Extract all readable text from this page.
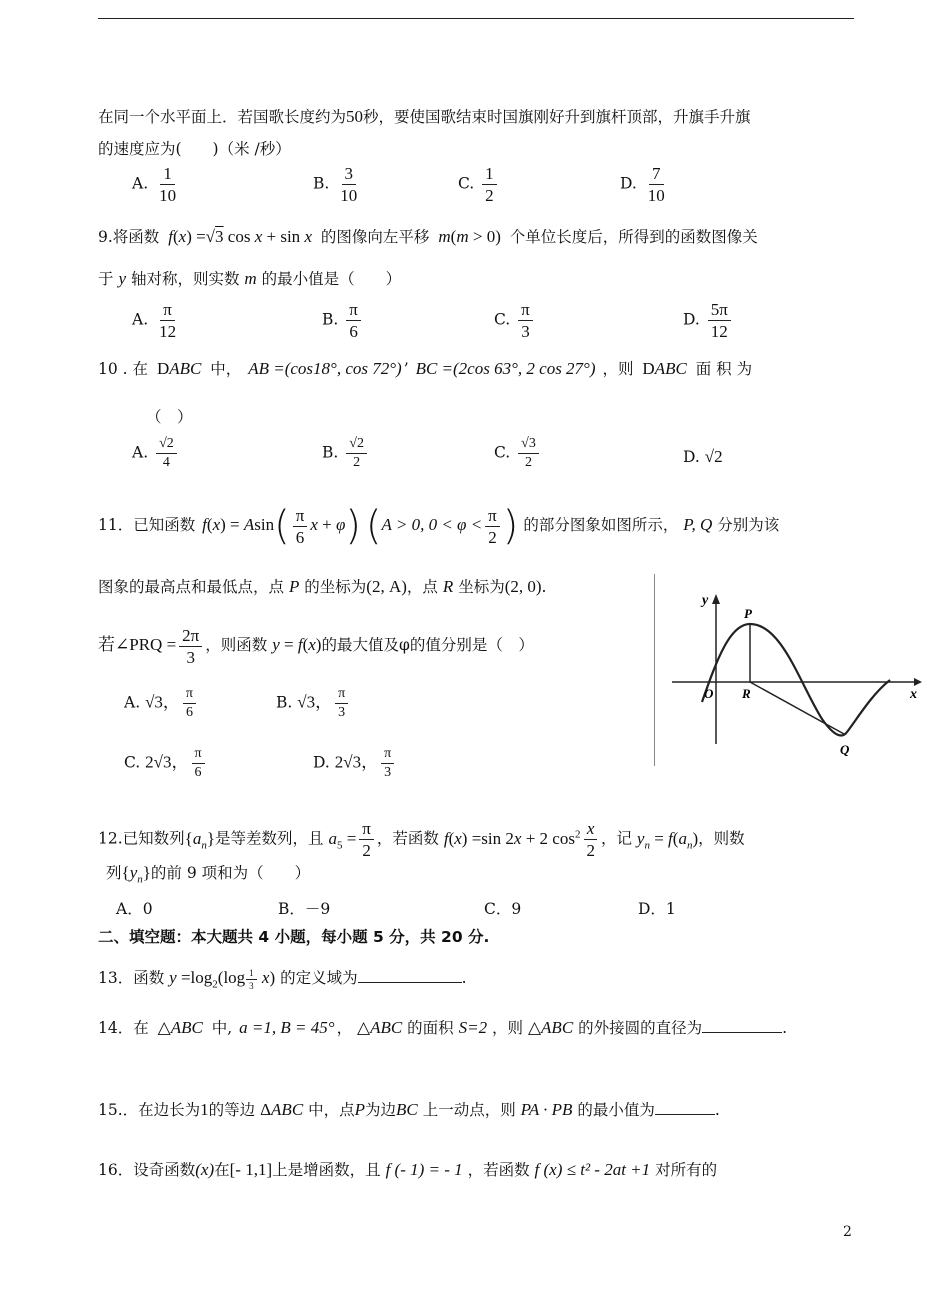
在同一个水平面上．若国歌长度约为50秒，要使国歌结束时国旗刚好升到旗杆顶部，升旗手升旗
的速度应为(　　)（米 /秒）
A. $\frac{1}{10}$	B. $\frac{3}{10}$	C. $\frac{1}{2}$	D. $\frac{7}{10}$
9.将函数 f(x) =√3 cos x + sin x 的图像向左平移 m(m > 0) 个单位长度后，所得到的函数图像关
于 y 轴对称，则实数 m 的最小值是（　　）
A. $\frac{\pi}{12}$	B. $\frac{\pi}{6}$	C. $\frac{\pi}{3}$	D. $\frac{5\pi}{12}$
10 . 在 DABC 中， AB =(cos18°, cos 72°) ’ BC =(2cos 63°, 2 cos 27°) ，则 DABC 面 积 为
（　）
A. $\frac{√2}{4}$	B. $\frac{√2}{2}$	C. $\frac{√3}{2}$	D. √2
11．已知函数 $f(x) = Asin( \frac{\pi}{6}$ x + φ) (A > 0, $0 < \varphi < \frac{\pi}{2}$ ) 的部分图象如图所示， P, Q 分别为该
图象的最高点和最低点，点 P 的坐标为(2, A)，点 R 坐标为(2, 0).
若∠PRQ = $\frac{2\pi}{3}$ ，则函数 y = f(x)的最大值及φ的值分别是（　）
A. √3， $\frac{\pi}{6}$	B. √3， $\frac{\pi}{3}$
C. 2√3， $\frac{\pi}{6}$	D. 2√3， $\frac{\pi}{3}$
y
x
O
P
R
Q
12.已知数列$\{a_n\}$是等差数列，且 $a_5 = \frac{\pi}{2}$ ，若函数 f(x) =sin 2x + 2 $\cos^2 \frac{x}{2}$ ，记 $y_n = f(a_n)$，则数
列$\{y_n\}$的前 9 项和为（　　）
A．0	B．－9	C．9	D．1
二、填空题：本大题共 4 小题，每小题 5 分，共 20 分.
13．函数 $y =\log_2(\log \frac{1}{3} x)$ 的定义域为	.
14．在 △ABC 中, a =1, B = 45° ， △ABC 的面积 S=2 ，则 △ABC 的外接圆的直径为	.
15.．在边长为1的等边 ΔABC 中，点P为边BC 上一动点，则 PA · PB 的最小值为	.
16．设奇函数(x)在[- 1,1]上是增函数，且 f (- 1) = - 1 ，若函数 f (x) ≤ t² - 2at +1 对所有的
2
